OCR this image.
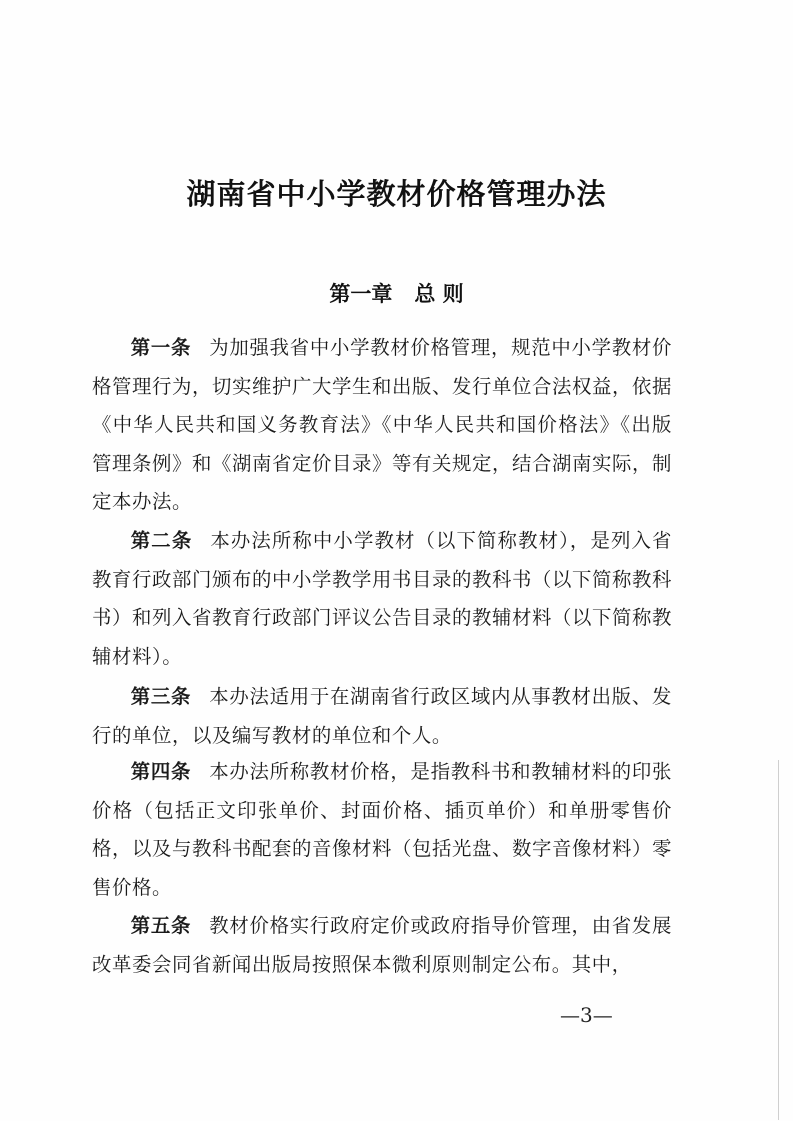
湖南省中小学教材价格管理办法
第一章 总 则

第一条 为加强我省中小学教材价格管理，规范中小学教材价格管理行为，切实维护广大学生和出版、发行单位合法权益，依据《中华人民共和国义务教育法》《中华人民共和国价格法》《出版管理条例》和《湖南省定价目录》等有关规定，结合湖南实际，制定本办法。

第二条 本办法所称中小学教材（以下简称教材），是列入省教育行政部门颁布的中小学教学用书目录的教科书（以下简称教科书）和列入省教育行政部门评议公告目录的教辅材料（以下简称教辅材料）。

第三条 本办法适用于在湖南省行政区域内从事教材出版、发行的单位，以及编写教材的单位和个人。

第四条 本办法所称教材价格，是指教科书和教辅材料的印张价格（包括正文印张单价、封面价格、插页单价）和单册零售价格，以及与教科书配套的音像材料（包括光盘、数字音像材料）零售价格。

第五条 教材价格实行政府定价或政府指导价管理，由省发展改革委会同省新闻出版局按照保本微利原则制定公布。其中，

—3—
